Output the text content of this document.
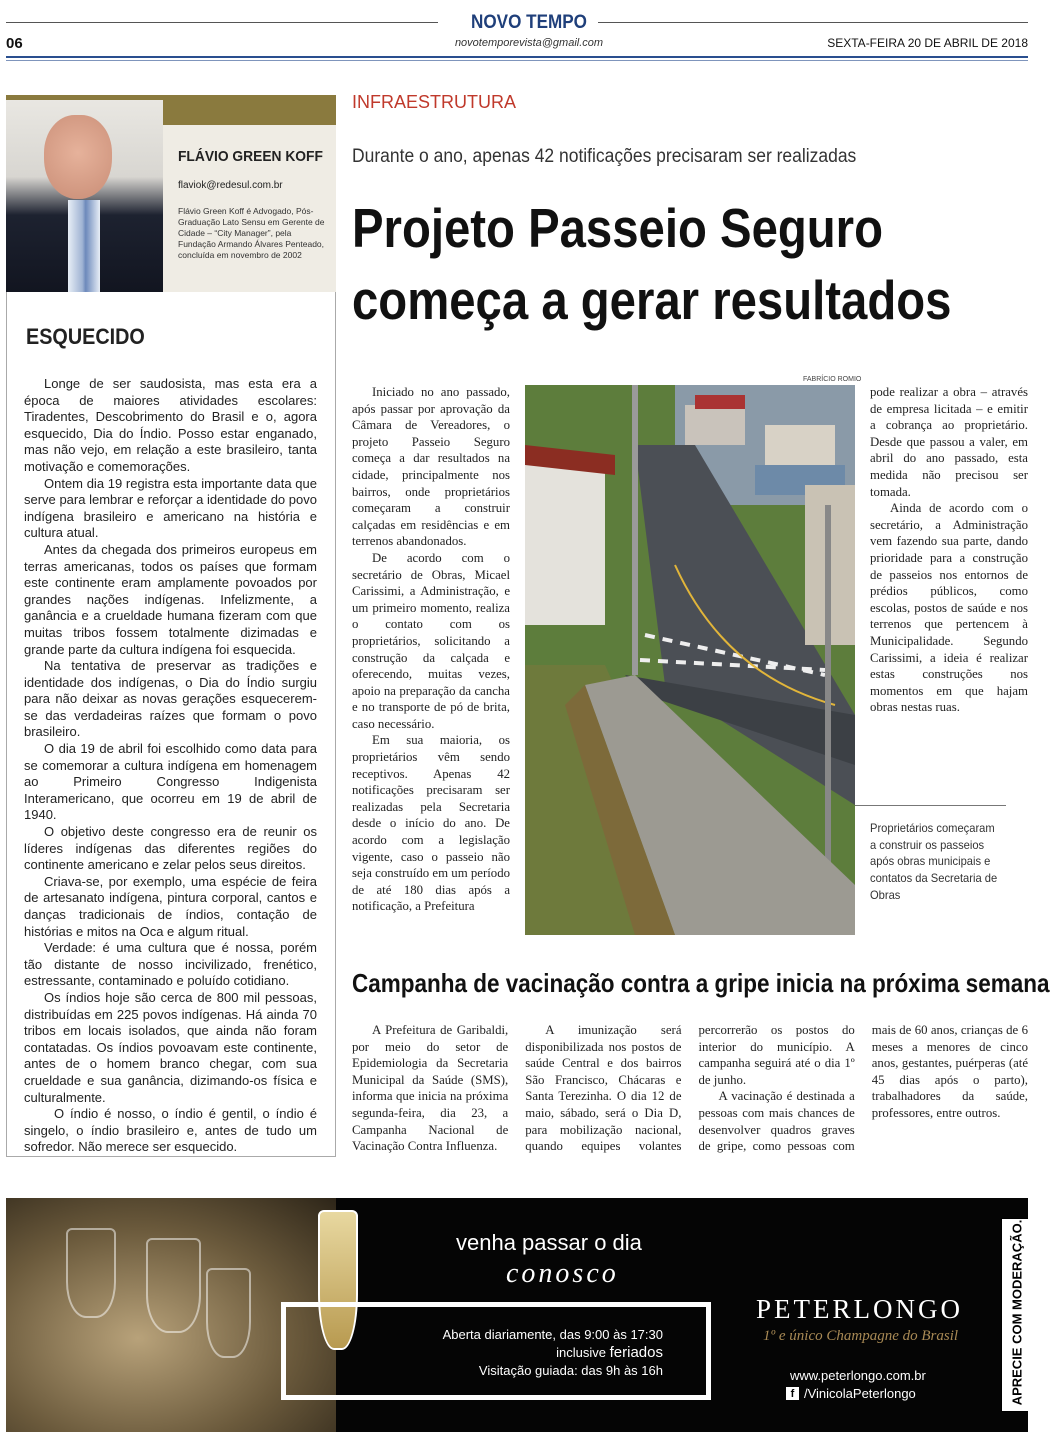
NOVO TEMPO
novotemporevista@gmail.com
06	SEXTA-FEIRA 20 DE ABRIL DE 2018
FLÁVIO GREEN KOFF
flaviok@redesul.com.br
Flávio Green Koff é Advogado, Pós-Graduação Lato Sensu em Gerente de Cidade – “City Manager”, pela Fundação Armando Álvares Penteado, concluída em novembro de 2002
ESQUECIDO

Longe de ser saudosista, mas esta era a época de maiores atividades escolares: Tiradentes, Descobrimento do Brasil e o, agora esquecido, Dia do Índio. Posso estar enganado, mas não vejo, em relação a este brasileiro, tanta motivação e comemorações.

Ontem dia 19 registra esta importante data que serve para lembrar e reforçar a identidade do povo indígena brasileiro e americano na história e cultura atual.

Antes da chegada dos primeiros europeus em terras americanas, todos os países que formam este continente eram amplamente povoados por grandes nações indígenas. Infelizmente, a ganância e a crueldade humana fizeram com que muitas tribos fossem totalmente dizimadas e grande parte da cultura indígena foi esquecida.

Na tentativa de preservar as tradições e identidade dos indígenas, o Dia do Índio surgiu para não deixar as novas gerações esquecerem-se das verdadeiras raízes que formam o povo brasileiro.

O dia 19 de abril foi escolhido como data para se comemorar a cultura indígena em homenagem ao Primeiro Congresso Indigenista Interamericano, que ocorreu em 19 de abril de 1940.

O objetivo deste congresso era de reunir os líderes indígenas das diferentes regiões do continente americano e zelar pelos seus direitos.

Criava-se, por exemplo, uma espécie de feira de artesanato indígena, pintura corporal, cantos e danças tradicionais de índios, contação de histórias e mitos na Oca e algum ritual.

Verdade: é uma cultura que é nossa, porém tão distante de nosso incivilizado, frenético, estressante, contaminado e poluído cotidiano.

Os índios hoje são cerca de 800 mil pessoas, distribuídas em 225 povos indígenas. Há ainda 70 tribos em locais isolados, que ainda não foram contatadas. Os índios povoavam este continente, antes de o homem branco chegar, com sua crueldade e sua ganância, dizimando-os física e culturalmente.

O índio é nosso, o índio é gentil, o índio é singelo, o índio brasileiro e, antes de tudo um sofredor. Não merece ser esquecido.

INFRAESTRUTURA
Durante o ano, apenas 42 notificações precisaram ser realizadas
Projeto Passeio Seguro
começa a gerar resultados

Iniciado no ano passado, após passar por aprovação da Câmara de Vereadores, o projeto Passeio Seguro começa a dar resultados na cidade, principalmente nos bairros, onde proprietários começaram a construir calçadas em residências e em terrenos abandonados.

De acordo com o secretário de Obras, Micael Carissimi, a Administração, e um primeiro momento, realiza o contato com os proprietários, solicitando a construção da calçada e oferecendo, muitas vezes, apoio na preparação da cancha e no transporte de pó de brita, caso necessário.

Em sua maioria, os proprietários vêm sendo receptivos. Apenas 42 notificações precisaram ser realizadas pela Secretaria desde o início do ano. De acordo com a legislação vigente, caso o passeio não seja construído em um período de até 180 dias após a notificação, a Prefeitura

FABRÍCIO ROMIO

pode realizar a obra – através de empresa licitada – e emitir a cobrança ao proprietário. Desde que passou a valer, em abril do ano passado, esta medida não precisou ser tomada.

Ainda de acordo com o secretário, a Administração vem fazendo sua parte, dando prioridade para a construção de passeios nos entornos de prédios públicos, como escolas, postos de saúde e nos terrenos que pertencem à Municipalidade. Segundo Carissimi, a ideia é realizar estas construções nos momentos em que hajam obras nestas ruas.

Proprietários começaram a construir os passeios após obras municipais e contatos da Secretaria de Obras
Campanha de vacinação contra a gripe inicia na próxima semana

A Prefeitura de Garibaldi, por meio do setor de Epidemiologia da Secretaria Municipal da Saúde (SMS), informa que inicia na próxima segunda-feira, dia 23, a Campanha Nacional de Vacinação Contra Influenza.

A imunização será disponibilizada nos postos de saúde Central e dos bairros São Francisco, Chácaras e Santa Terezinha. O dia 12 de maio, sábado, será o Dia D, para mobilização nacional, quando equipes volantes percorrerão os postos do interior do município. A campanha seguirá até o dia 1º de junho.

A vacinação é destinada a pessoas com mais chances de desenvolver quadros graves de gripe, como pessoas com mais de 60 anos, crianças de 6 meses a menores de cinco anos, gestantes, puérperas (até 45 dias após o parto), trabalhadores da saúde, professores, entre outros.

venha passar o dia
conosco
Aberta diariamente, das 9:00 às 17:30
inclusive feriados
Visitação guiada: das 9h às 16h
PETERLONGO
1º e único Champagne do Brasil
www.peterlongo.com.br
f /VinicolaPeterlongo	APRECIE COM MODERAÇÃO.
